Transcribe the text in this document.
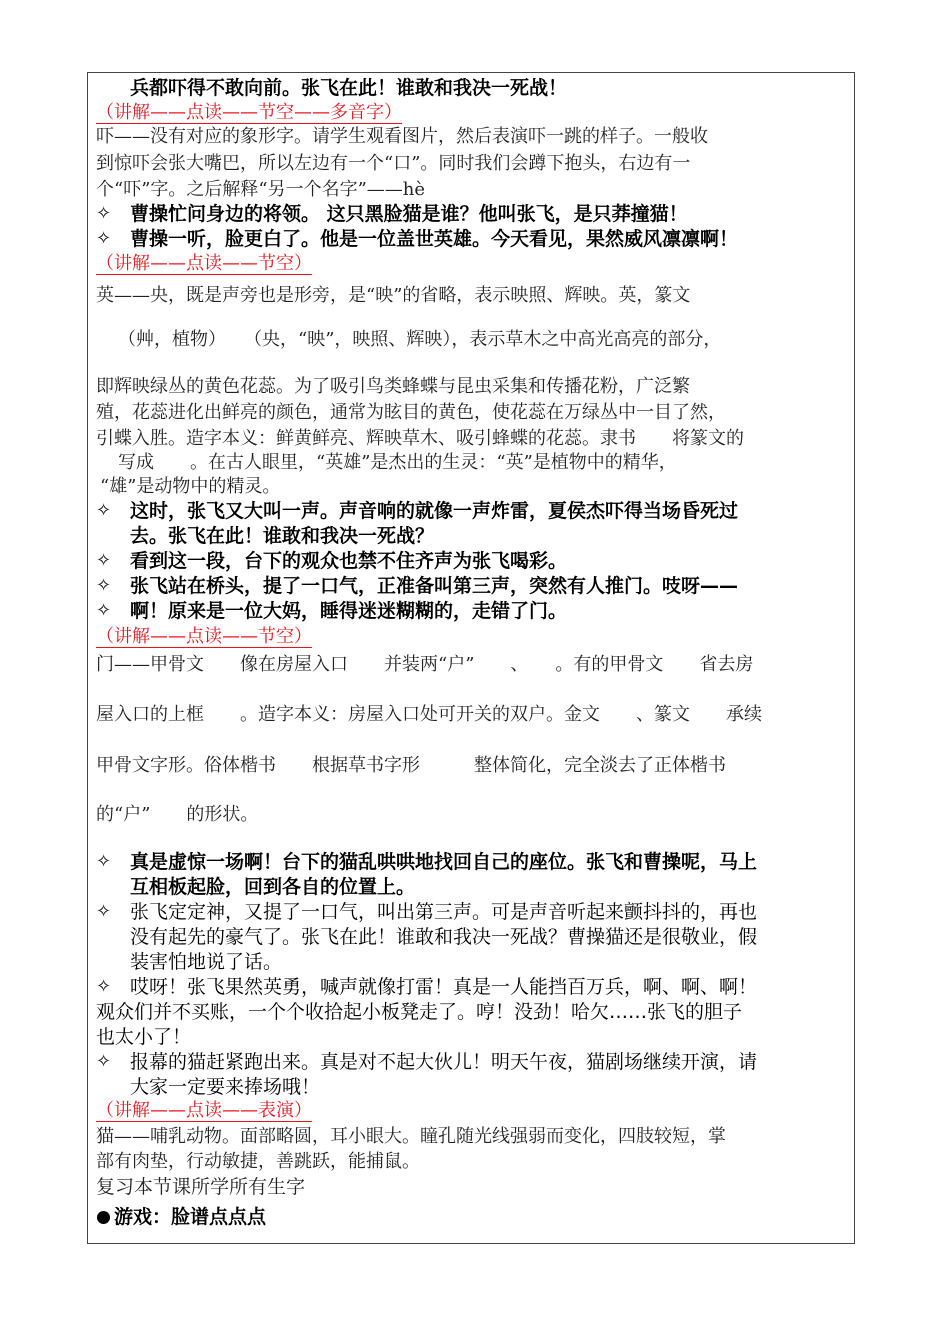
兵都吓得不敢向前。张飞在此！谁敢和我决一死战！
（讲解——点读——节空——多音字）
吓——没有对应的象形字。请学生观看图片，然后表演吓一跳的样子。一般收
到惊吓会张大嘴巴，所以左边有一个“口”。同时我们会蹲下抱头，右边有一
个“吓”字。之后解释“另一个名字”——hè
✧ 曹操忙问身边的将领。 这只黑脸猫是谁？他叫张飞，是只莽撞猫！
✧ 曹操一听，脸更白了。他是一位盖世英雄。今天看见，果然威风凛凛啊！
（讲解——点读——节空）
英——央，既是声旁也是形旁，是“映”的省略，表示映照、辉映。英，篆文
（艸，植物）　　（央，“映”，映照、辉映），表示草木之中高光高亮的部分，
即辉映绿丛的黄色花蕊。为了吸引鸟类蜂蝶与昆虫采集和传播花粉，广泛繁
殖，花蕊进化出鲜亮的颜色，通常为眩目的黄色，使花蕊在万绿丛中一目了然，
引蝶入胜。造字本义：鲜黄鲜亮、辉映草木、吸引蜂蝶的花蕊。隶书　　将篆文的
写成　　。在古人眼里，“英雄”是杰出的生灵：“英”是植物中的精华，
“雄”是动物中的精灵。
✧ 这时，张飞又大叫一声。声音响的就像一声炸雷，夏侯杰吓得当场昏死过
去。张飞在此！谁敢和我决一死战？
✧ 看到这一段，台下的观众也禁不住齐声为张飞喝彩。
✧ 张飞站在桥头，提了一口气，正准备叫第三声，突然有人推门。吱呀——
✧ 啊！原来是一位大妈，睡得迷迷糊糊的，走错了门。
（讲解——点读——节空）
门——甲骨文　　像在房屋入口　　并装两“户”　　、　　。有的甲骨文　　省去房
屋入口的上框　　。造字本义：房屋入口处可开关的双户。金文　　、篆文　　承续
甲骨文字形。俗体楷书　　根据草书字形　　　整体简化，完全淡去了正体楷书
的“户”　　的形状。
✧ 真是虚惊一场啊！台下的猫乱哄哄地找回自己的座位。张飞和曹操呢，马上
互相板起脸，回到各自的位置上。
✧ 张飞定定神，又提了一口气，叫出第三声。可是声音听起来颤抖抖的，再也
没有起先的豪气了。张飞在此！谁敢和我决一死战？曹操猫还是很敬业，假
装害怕地说了话。
✧ 哎呀！张飞果然英勇，喊声就像打雷！真是一人能挡百万兵，啊、啊、啊！
观众们并不买账，一个个收拾起小板凳走了。哼！没劲！哈欠……张飞的胆子
也太小了！
✧ 报幕的猫赶紧跑出来。真是对不起大伙儿！明天午夜，猫剧场继续开演，请
大家一定要来捧场哦！
（讲解——点读——表演）
猫——哺乳动物。面部略圆，耳小眼大。瞳孔随光线强弱而变化，四肢较短，掌
部有肉垫，行动敏捷，善跳跃，能捕鼠。
复习本节课所学所有生字
游戏：脸谱点点点
